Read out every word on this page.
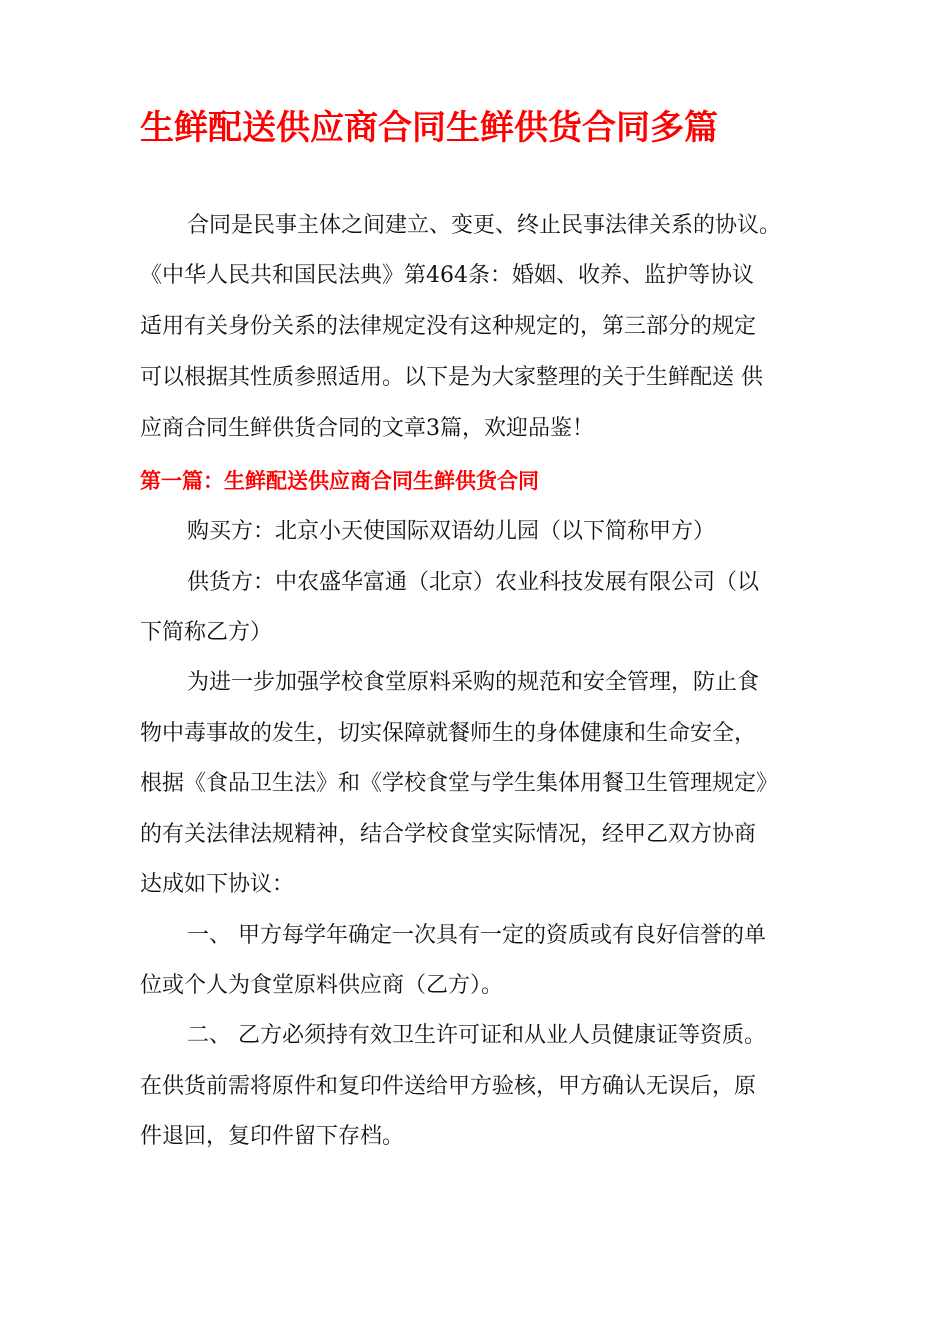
生鲜配送供应商合同生鲜供货合同多篇
合同是民事主体之间建立、变更、终止民事法律关系的协议。
《中华人民共和国民法典》第464条：婚姻、收养、监护等协议
适用有关身份关系的法律规定没有这种规定的，第三部分的规定
可以根据其性质参照适用。以下是为大家整理的关于生鲜配送 供
应商合同生鲜供货合同的文章3篇，欢迎品鉴！
第一篇：生鲜配送供应商合同生鲜供货合同
购买方：北京小天使国际双语幼儿园（以下简称甲方）
供货方：中农盛华富通（北京）农业科技发展有限公司（以
下简称乙方）
为进一步加强学校食堂原料采购的规范和安全管理，防止食
物中毒事故的发生，切实保障就餐师生的身体健康和生命安全，
根据《食品卫生法》和《学校食堂与学生集体用餐卫生管理规定》
的有关法律法规精神，结合学校食堂实际情况，经甲乙双方协商
达成如下协议：
一、 甲方每学年确定一次具有一定的资质或有良好信誉的单
位或个人为食堂原料供应商（乙方）。
二、 乙方必须持有效卫生许可证和从业人员健康证等资质。
在供货前需将原件和复印件送给甲方验核，甲方确认无误后，原
件退回，复印件留下存档。
